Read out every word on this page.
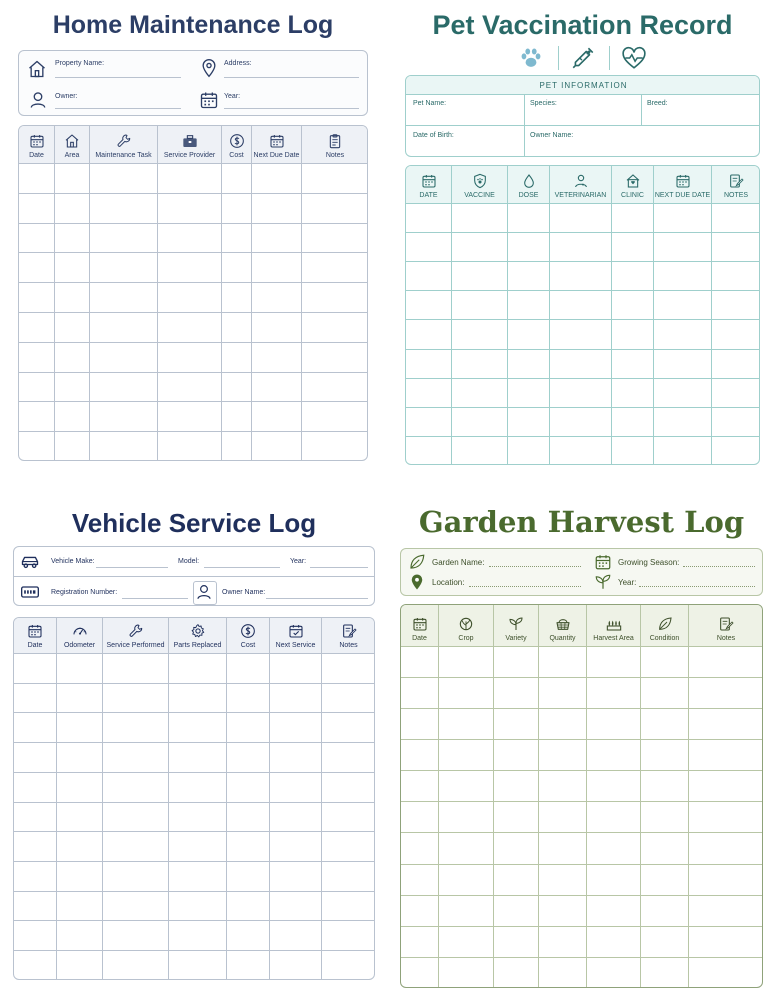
Home Maintenance Log
Property Name:	Address:
Owner:	Year:
Date	Area	Maintenance Task	Service Provider	Cost	Next Due Date	Notes

Pet Vaccination Record
PET INFORMATION
Pet Name:	Species:	Breed:
Date of Birth:	Owner Name:
DATE	VACCINE	DOSE	VETERINARIAN	CLINIC	NEXT DUE DATE	NOTES

Vehicle Service Log
Vehicle Make:	Model:	Year:
Registration Number:	Owner Name:
Date	Odometer	Service Performed	Parts Replaced	Cost	Next Service	Notes

Garden Harvest Log
Garden Name:	Growing Season:
Location:	Year:
Date	Crop	Variety	Quantity	Harvest Area	Condition	Notes
